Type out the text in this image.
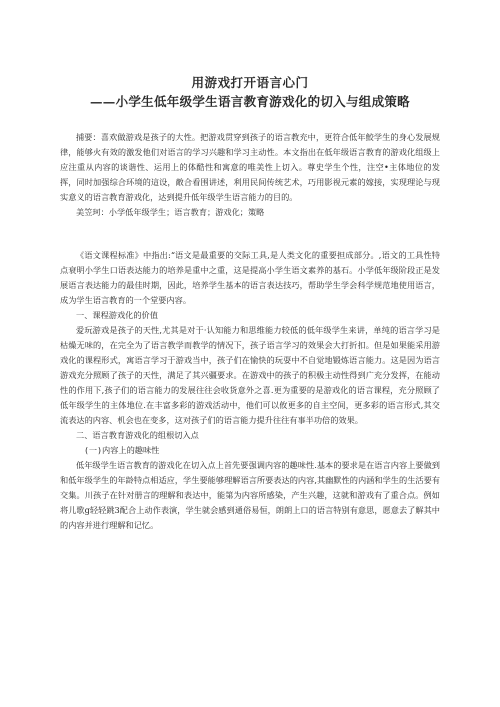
用游戏打开语言心门
——小学生低年级学生语言教育游戏化的切入与组成策略

捕要：喜欢做游戏是孩子的大性。把游戏贯穿到孩子的语言教充中，更符合低年鮫学生的身心发展规律，能够火有效的激发他们对语言的学习兴趣和学习主动性。本文指出在低年级语言教育的游戏化组级上应注重从内容的谈谐性、运用上的体酷性和寓意的唯美性上切入。尊史学生个性，注空•主体地位的发挥，同时加强综合环境的這设，敵合看围讲述，利用民间传统艺术，巧用影视元素的嫁接，实现理论与现实意义的语言教育游戏化，达到提升低年级学生语言能力的目的。

美笠珂：小学低年级学生；语言教育；游戏化；策略

《语文课程标准》中指出:“语文是最重要的交际工具,是人类文化的重要担成部分。,语文的工具性特点衰明小学生口语表达能力的培养是重中之重，这是提高小学生语文素养的基石。小学低年级阶段正是发展语言表达能力的最佳时期，因此，培养学生基本的语言表达技巧，帮助学生学会科学规范地使用语言，成为学生语言教育的一个堂要内容。

一、课程游戏化的价值

爱玩游戏是孩子的天性,尤其是对于·认知能力和思维能力较低的低年级学生来讲，单纯的语言学习是枯燥无味的，在完全为了语言教学而教学的情况下，孩子语言学习的效果会大打折扣。但是如果能采用游戏化的课程形式，寓语言学习于游戏当中，孩子们在愉快的玩耍中不自觉地锻炼语言能力。这是因为语言游戏充分照顾了孩子的天性，满足了其兴疆要求。在游戏中的孩子的积极主动性得到广充分发挥，在能动性的作用下,孩子们的语言能力的发展往往会收货意外之喜.更为重要的是游戏化的语言课程，充分照顾了低年级学生的主体地位.在丰富多彩的游戏活动中，他们可以攸更多的自主空间，更多彩的语言形式,其交流表达的内容、机会也在变多，这对孩子们的语言能力提升往往有事半功倍的效果。

二、语言教育游戏化的组根切入点

(一)内容上的趣味性

低年级学生语言教育的游戏化在切入点上首先要强调内容的趣味性.基本的要求是在语言内容上要做到和低年级学生的年龄特点相适应，学生要能够理解语言所要表达的内容,其幽默性的内涵和学生的生活要有交集。川孩子在针对册言的理解和表达中，能第为内容所感染，产生兴趣，这就和游戏有了重合点。例如将儿歌g轻轻跳3配合上动作表演，学生就会感到通俗易恒，朗朗上口的语言特别有意思，愿意去了解其中的内容并进行理解和记忆。
